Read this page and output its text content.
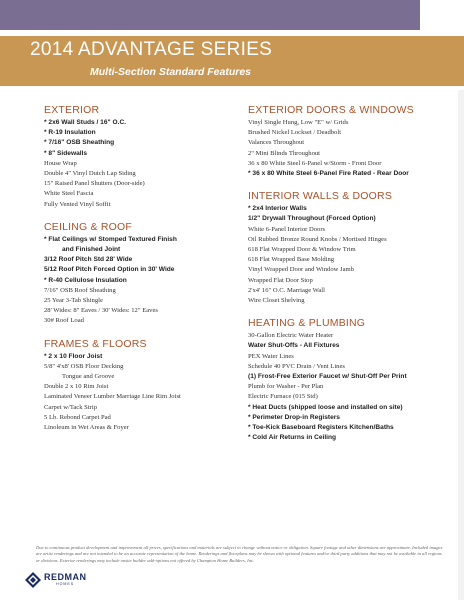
2014 ADVANTAGE SERIES
Multi-Section Standard Features
EXTERIOR
* 2x6 Wall Studs / 16" O.C.
* R-19 Insulation
* 7/16" OSB Sheathing
* 8" Sidewalls
House Wrap
Double 4" Vinyl Dutch Lap Siding
15" Raised Panel Shutters (Door-side)
White Steel Fascia
Fully Vented Vinyl Soffit
CEILING & ROOF
* Flat Ceilings w/ Stomped Textured Finish
and Finished Joint
3/12 Roof Pitch Std 28' Wide
5/12 Roof Pitch Forced Option in 30' Wide
* R-40 Cellulose Insulation
7/16" OSB Roof Sheathing
25 Year 3-Tab Shingle
28' Wides: 8" Eaves / 30' Wides: 12" Eaves
30# Roof Load
FRAMES & FLOORS
* 2 x 10 Floor Joist
5/8" 4'x8' OSB Floor Decking
Tongue and Groove
Double 2 x 10 Rim Joist
Laminated Veneer Lumber Marriage Line Rim Joist
Carpet w/Tack Strip
5 Lb. Rebond Carpet Pad
Linoleum in Wet Areas & Foyer
EXTERIOR DOORS & WINDOWS
Vinyl Single Hung, Low "E" w/ Grids
Brushed Nickel Lockset / Deadbolt
Valances Throughout
2" Mini Blinds Throughout
36 x 80 White Steel 6-Panel w/Storm - Front Door
* 36 x 80 White Steel 6-Panel Fire Rated - Rear Door
INTERIOR WALLS & DOORS
* 2x4 Interior Walls
1/2" Drywall Throughout (Forced Option)
White 6-Panel Interior Doors
Oil Rubbed Bronze Round Knobs / Mortised Hinges
618 Flat Wrapped Door & Window Trim
618 Flat Wrapped Base Molding
Vinyl Wrapped Door and Window Jamb
Wrapped Flat Door Stop
2'x4' 16" O.C. Marriage Wall
Wire Closet Shelving
HEATING & PLUMBING
30-Gallon Electric Water Heater
Water Shut-Offs - All Fixtures
PEX Water Lines
Schedule 40 PVC Drain / Vent Lines
(1) Frost-Free Exterior Faucet w/ Shut-Off Per Print
Plumb for Washer - Per Plan
Electric Furnace (015 Std)
* Heat Ducts (shipped loose and installed on site)
* Perimeter Drop-in Registers
* Toe-Kick Baseboard Registers Kitchen/Baths
* Cold Air Returns in Ceiling
Due to continuous product development and improvement all prices, specifications and materials are subject to change without notice or obligation. Square footage and other dimensions are approximate. Included images are artist renderings and are not intended to be an accurate representation of the home. Renderings and floorplans may be shown with optional features and/or third party additions that may not be available in all regions or divisions. Exterior renderings may include onsite builder add-options not offered by Champion Home Builders, Inc.
REDMAN
HOMES
